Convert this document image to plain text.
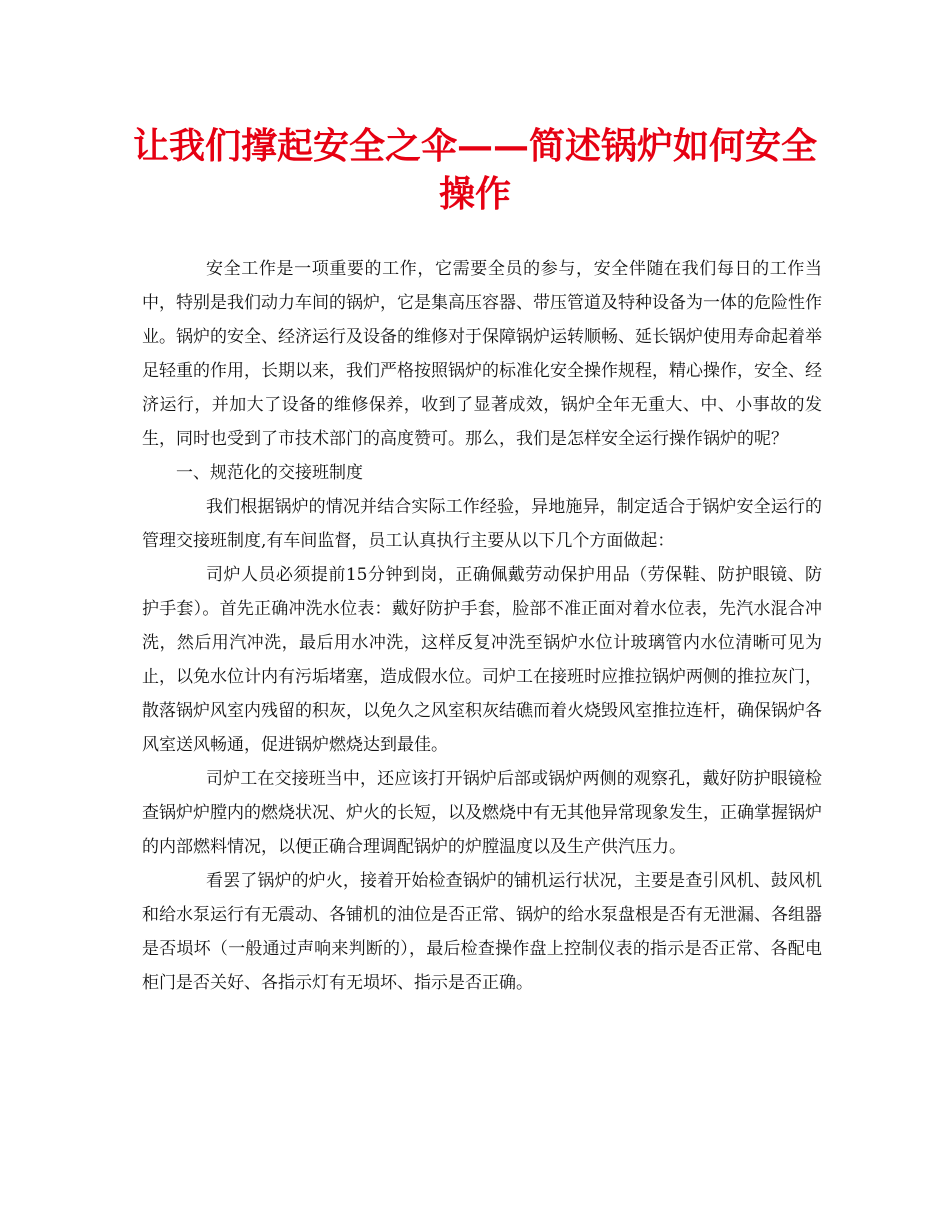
让我们撑起安全之伞——简述锅炉如何安全操作

安全工作是一项重要的工作，它需要全员的参与，安全伴随在我们每日的工作当中，特别是我们动力车间的锅炉，它是集高压容器、带压管道及特种设备为一体的危险性作业。锅炉的安全、经济运行及设备的维修对于保障锅炉运转顺畅、延长锅炉使用寿命起着举足轻重的作用，长期以来，我们严格按照锅炉的标准化安全操作规程，精心操作，安全、经济运行，并加大了设备的维修保养，收到了显著成效，锅炉全年无重大、中、小事故的发生，同时也受到了市技术部门的高度赞可。那么，我们是怎样安全运行操作锅炉的呢？

一、规范化的交接班制度

我们根据锅炉的情况并结合实际工作经验，异地施异，制定适合于锅炉安全运行的管理交接班制度,有车间监督，员工认真执行主要从以下几个方面做起：

司炉人员必须提前15分钟到岗，正确佩戴劳动保护用品（劳保鞋、防护眼镜、防护手套）。首先正确冲洗水位表：戴好防护手套，脸部不准正面对着水位表，先汽水混合冲洗，然后用汽冲洗，最后用水冲洗，这样反复冲洗至锅炉水位计玻璃管内水位清晰可见为止，以免水位计内有污垢堵塞，造成假水位。司炉工在接班时应推拉锅炉两侧的推拉灰门，散落锅炉风室内残留的积灰，以免久之风室积灰结礁而着火烧毁风室推拉连杆，确保锅炉各风室送风畅通，促进锅炉燃烧达到最佳。

司炉工在交接班当中，还应该打开锅炉后部或锅炉两侧的观察孔，戴好防护眼镜检查锅炉炉膛内的燃烧状况、炉火的长短，以及燃烧中有无其他异常现象发生，正确掌握锅炉的内部燃料情况，以便正确合理调配锅炉的炉膛温度以及生产供汽压力。

看罢了锅炉的炉火，接着开始检查锅炉的铺机运行状况，主要是查引风机、鼓风机和给水泵运行有无震动、各铺机的油位是否正常、锅炉的给水泵盘根是否有无泄漏、各组器是否埙坏（一般通过声响来判断的），最后检查操作盘上控制仪表的指示是否正常、各配电柜门是否关好、各指示灯有无埙坏、指示是否正确。
